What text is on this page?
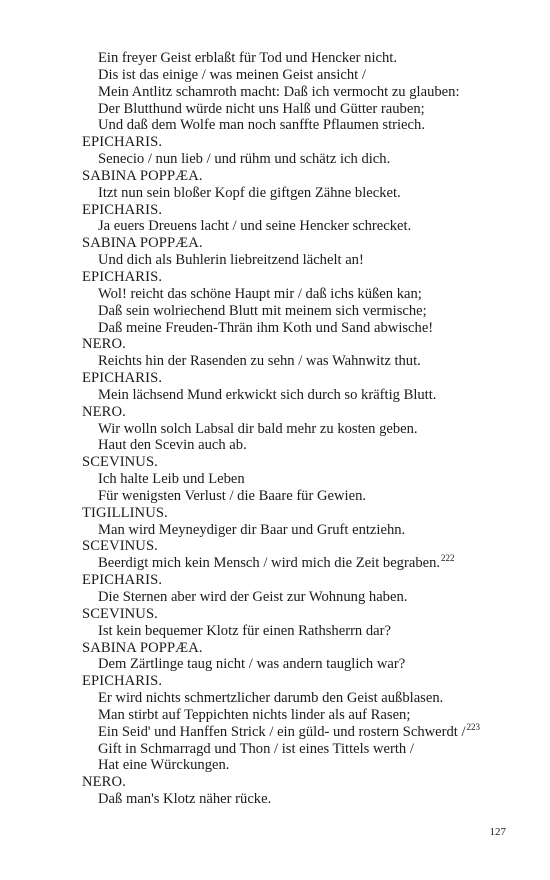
Ein freyer Geist erblaßt für Tod und Hencker nicht.
Dis ist das einige / was meinen Geist ansicht /
Mein Antlitz schamroth macht: Daß ich vermocht zu glauben:
Der Blutthund würde nicht uns Halß und Gütter rauben;
Und daß dem Wolfe man noch sanffte Pflaumen striech.
EPICHARIS.
Senecio / nun lieb / und rühm und schätz ich dich.
SABINA POPPÆA.
Itzt nun sein bloßer Kopf die giftgen Zähne blecket.
EPICHARIS.
Ja euers Dreuens lacht / und seine Hencker schrecket.
SABINA POPPÆA.
Und dich als Buhlerin liebreitzend lächelt an!
EPICHARIS.
Wol! reicht das schöne Haupt mir / daß ichs küßen kan;
Daß sein wolriechend Blutt mit meinem sich vermische;
Daß meine Freuden-Thrän ihm Koth und Sand abwische!
NERO.
Reichts hin der Rasenden zu sehn / was Wahnwitz thut.
EPICHARIS.
Mein lächsend Mund erkwickt sich durch so kräftig Blutt.
NERO.
Wir wolln solch Labsal dir bald mehr zu kosten geben.
Haut den Scevin auch ab.
SCEVINUS.
Ich halte Leib und Leben
Für wenigsten Verlust / die Baare für Gewien.
TIGILLINUS.
Man wird Meyneydiger dir Baar und Gruft entziehn.
SCEVINUS.
Beerdigt mich kein Mensch / wird mich die Zeit begraben.$^{222}$
EPICHARIS.
Die Sternen aber wird der Geist zur Wohnung haben.
SCEVINUS.
Ist kein bequemer Klotz für einen Rathsherrn dar?
SABINA POPPÆA.
Dem Zärtlinge taug nicht / was andern tauglich war?
EPICHARIS.
Er wird nichts schmertzlicher darumb den Geist außblasen.
Man stirbt auf Teppichten nichts linder als auf Rasen;
Ein Seid' und Hanffen Strick / ein güld- und rostern Schwerdt /$^{223}$
Gift in Schmarragd und Thon / ist eines Tittels werth /
Hat eine Würckungen.
NERO.
Daß man's Klotz näher rücke.
127
